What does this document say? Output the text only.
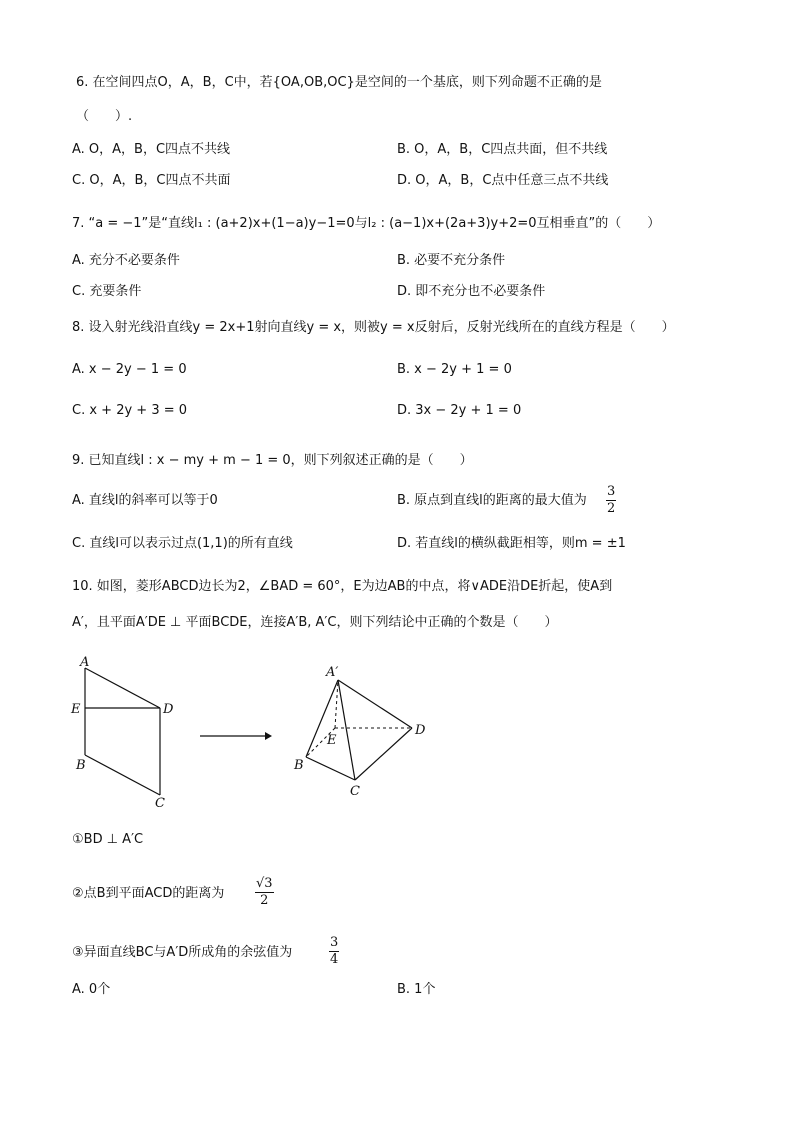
6. 在空间四点O，A，B，C中，若{OA,OB,OC}是空间的一个基底，则下列命题不正确的是
（　　）.
A. O，A，B，C四点不共线	B. O，A，B，C四点共面，但不共线
C. O，A，B，C四点不共面	D. O，A，B，C点中任意三点不共线
7. “a = −1”是“直线l₁ : (a+2)x+(1−a)y−1=0与l₂ : (a−1)x+(2a+3)y+2=0互相垂直”的（　　）
A. 充分不必要条件	B. 必要不充分条件
C. 充要条件	D. 即不充分也不必要条件
8. 设入射光线沿直线y = 2x+1射向直线y = x，则被y = x反射后，反射光线所在的直线方程是（　　）
A. x − 2y − 1 = 0	B. x − 2y + 1 = 0
C. x + 2y + 3 = 0	D. 3x − 2y + 1 = 0
9. 已知直线l : x − my + m − 1 = 0，则下列叙述正确的是（　　）
A. 直线l的斜率可以等于0	B. 原点到直线l的距离的最大值为 $\frac{3}{2}$
C. 直线l可以表示过点(1,1)的所有直线	D. 若直线l的横纵截距相等，则m = ±1
10. 如图，菱形ABCD边长为2，∠BAD = 60°，E为边AB的中点，将∨ADE沿DE折起，使A到
A′，且平面A′DE ⊥ 平面BCDE，连接A′B, A′C，则下列结论中正确的个数是（　　）
A
E	D
B
C
A′
E
D
B
C
①BD ⊥ A′C
②点B到平面ACD的距离为 $\frac{√3}{2}$
③异面直线BC与A′D所成角的余弦值为	$\frac{3}{4}$
A. 0个	B. 1个
